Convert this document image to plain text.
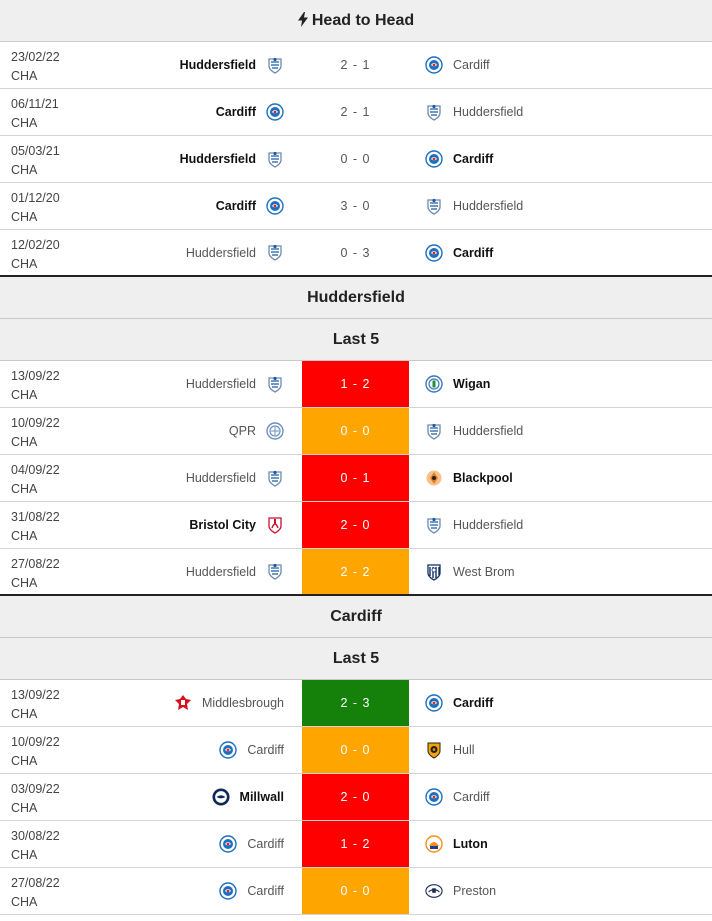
Head to Head
23/02/22
CHA
Huddersfield	2 - 1	Cardiff
06/11/21
CHA
Cardiff	2 - 1	Huddersfield
05/03/21
CHA
Huddersfield	0 - 0	Cardiff
01/12/20
CHA
Cardiff	3 - 0	Huddersfield
12/02/20
CHA
Huddersfield	0 - 3	Cardiff
Huddersfield
Last 5
13/09/22
CHA
Huddersfield	1 - 2	Wigan
10/09/22
CHA
QPR	0 - 0	Huddersfield
04/09/22
CHA
Huddersfield	0 - 1	Blackpool
31/08/22
CHA
Bristol City	2 - 0	Huddersfield
27/08/22
CHA
Huddersfield	2 - 2	West Brom
Cardiff
Last 5
13/09/22
CHA
Middlesbrough	2 - 3	Cardiff
10/09/22
CHA
Cardiff	0 - 0	Hull
03/09/22
CHA
Millwall	2 - 0	Cardiff
30/08/22
CHA
Cardiff	1 - 2	Luton
27/08/22
CHA
Cardiff	0 - 0	Preston
